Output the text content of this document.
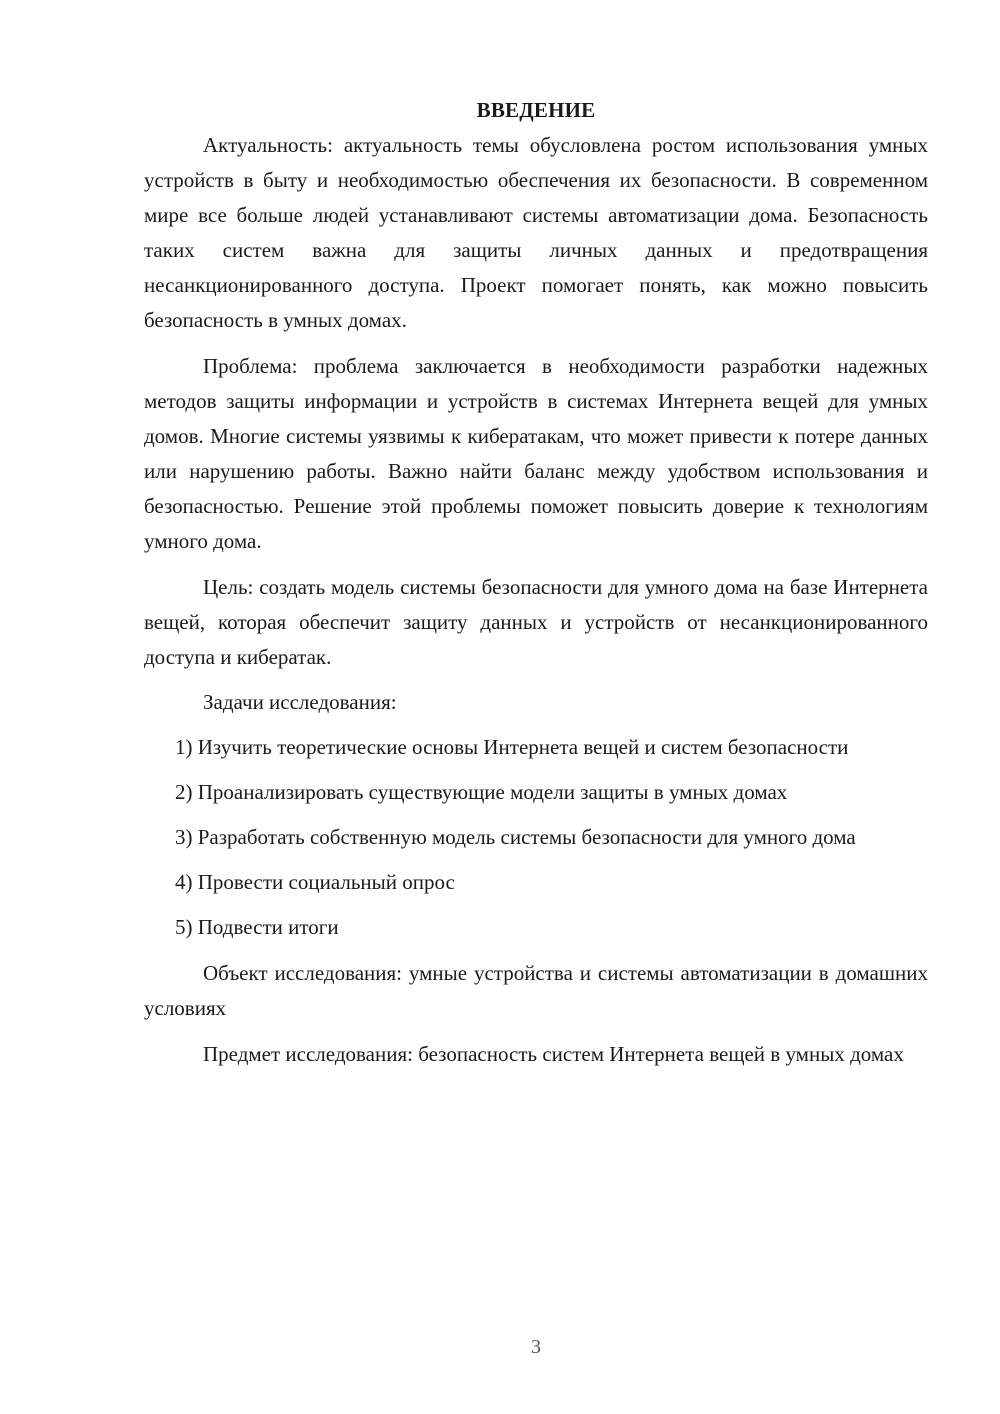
ВВЕДЕНИЕ

Актуальность: актуальность темы обусловлена ростом использования умных устройств в быту и необходимостью обеспечения их безопасности. В современном мире все больше людей устанавливают системы автоматизации дома. Безопасность таких систем важна для защиты личных данных и предотвращения несанкционированного доступа. Проект помогает понять, как можно повысить безопасность в умных домах.

Проблема: проблема заключается в необходимости разработки надежных методов защиты информации и устройств в системах Интернета вещей для умных домов. Многие системы уязвимы к кибератакам, что может привести к потере данных или нарушению работы. Важно найти баланс между удобством использования и безопасностью. Решение этой проблемы поможет повысить доверие к технологиям умного дома.

Цель: создать модель системы безопасности для умного дома на базе Интернета вещей, которая обеспечит защиту данных и устройств от несанкционированного доступа и кибератак.

Задачи исследования:

1) Изучить теоретические основы Интернета вещей и систем безопасности

2) Проанализировать существующие модели защиты в умных домах

3) Разработать собственную модель системы безопасности для умного дома

4) Провести социальный опрос

5) Подвести итоги

Объект исследования: умные устройства и системы автоматизации в домашних условиях

Предмет исследования: безопасность систем Интернета вещей в умных домах

3
